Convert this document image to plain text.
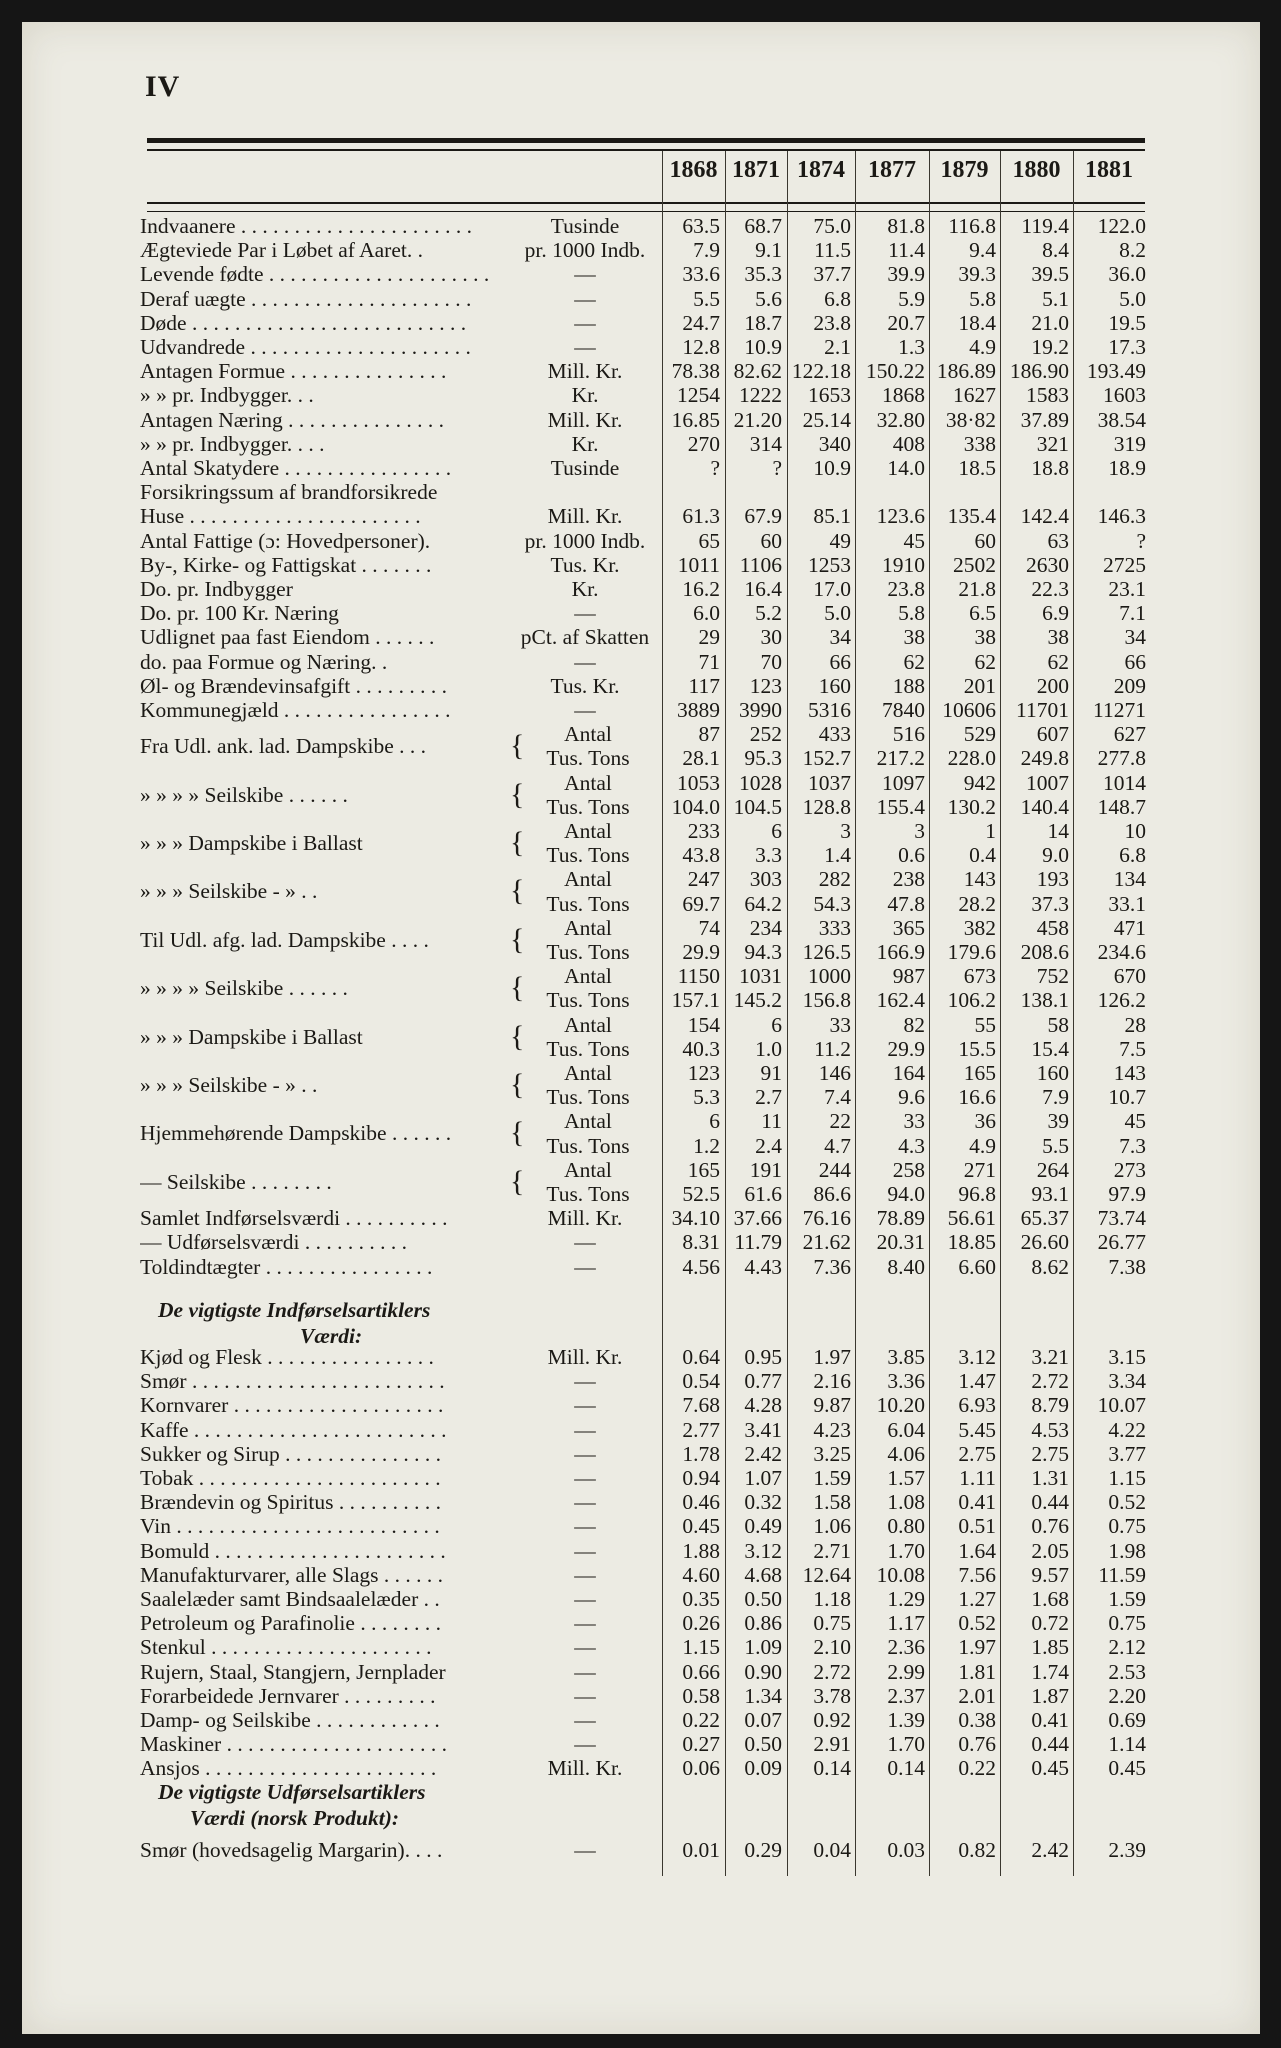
IV
1868 1871 1874 1877	1879	1880	1881
De vigtigste Indførselsartiklers
Værdi:
De vigtigste Udførselsartiklers
Værdi (norsk Produkt):
Indvaanere . . . . . . . . . . . . . . . . . . . . . .	Tusinde	63.5 68.7 75.0 81.8 116.8 119.4 122.0
Ægteviede Par i Løbet af Aaret. .	pr. 1000 Indb.	7.9 9.1 11.5 11.4 9.4 8.4 8.2
Levende fødte . . . . . . . . . . . . . . . . . . . . .	—	33.6 35.3 37.7 39.9 39.3 39.5 36.0
Deraf uægte . . . . . . . . . . . . . . . . . . . . .	—	5.5 5.6 6.8 5.9 5.8 5.1 5.0
Døde . . . . . . . . . . . . . . . . . . . . . . . . . .	—	24.7 18.7 23.8 20.7 18.4 21.0 19.5
Udvandrede . . . . . . . . . . . . . . . . . . . . .	—	12.8 10.9 2.1 1.3 4.9 19.2 17.3
Antagen Formue . . . . . . . . . . . . . . .	Mill. Kr.	78.38 82.62 122.18 150.22 186.89 186.90 193.49
» » pr. Indbygger. . .	Kr.	1254 1222 1653 1868 1627 1583 1603
Antagen Næring . . . . . . . . . . . . . . .	Mill. Kr.	16.85 21.20 25.14 32.80 38·82 37.89 38.54
» » pr. Indbygger. . . .	Kr.	270 314 340 408 338 321 319
Antal Skatydere . . . . . . . . . . . . . . . .	Tusinde	? ? 10.9 14.0 18.5 18.8 18.9
Forsikringssum af brandforsikrede
Huse . . . . . . . . . . . . . . . . . . . . . .	Mill. Kr.	61.3 67.9 85.1 123.6 135.4 142.4 146.3
Antal Fattige (ɔ: Hovedpersoner).	pr. 1000 Indb.	65 60 49 45 60 63	?
By-, Kirke- og Fattigskat . . . . . . .	Tus. Kr.	1011 1106 1253 1910 2502 2630 2725
Do. pr. Indbygger	Kr.	16.2 16.4 17.0 23.8 21.8 22.3 23.1
Do. pr. 100 Kr. Næring	—	6.0 5.2 5.0 5.8 6.5 6.9 7.1
Udlignet paa fast Eiendom . . . . . .	pCt. af Skatten	29 30 34 38 38 38	34
do. paa Formue og Næring. .	—	71 70 66 62 62 62	66
Øl- og Brændevinsafgift . . . . . . . . .	Tus. Kr.	117 123 160 188 201 200 209
Kommunegjæld . . . . . . . . . . . . . . . .	—	3889 3990 5316 7840 10606 11701 11271
Fra Udl. ank. lad. Dampskibe . . .	Antal	87 252 433 516 529 607 627
{	Tus. Tons	28.1 95.3 152.7 217.2 228.0 249.8 277.8
» » » » Seilskibe . . . . . .	Antal	1053 1028 1037 1097 942 1007 1014
{	Tus. Tons	104.0 104.5 128.8 155.4 130.2 140.4 148.7
» » » Dampskibe i Ballast	Antal	233 6	3	3	1 14	10
{	Tus. Tons	43.8 3.3 1.4 0.6 0.4 9.0 6.8
» » » Seilskibe - » . .	Antal	247 303 282 238 143 193 134
{	Tus. Tons	69.7 64.2 54.3 47.8 28.2 37.3 33.1
Til Udl. afg. lad. Dampskibe . . . .	Antal	74 234 333 365 382 458 471
{	Tus. Tons	29.9 94.3 126.5 166.9 179.6 208.6 234.6
» » » » Seilskibe . . . . . .	Antal	1150 1031 1000 987 673 752 670
{	Tus. Tons	157.1 145.2 156.8 162.4 106.2 138.1 126.2
» » » Dampskibe i Ballast	Antal	154 6 33 82 55 58	28
{	Tus. Tons	40.3 1.0 11.2 29.9 15.5 15.4 7.5
» » » Seilskibe - » . .	Antal	123 91 146 164 165 160 143
{	Tus. Tons	5.3 2.7 7.4 9.6 16.6 7.9 10.7
Hjemmehørende Dampskibe . . . . . .	Antal	6 11 22 33 36 39	45
{	Tus. Tons	1.2 2.4 4.7 4.3 4.9 5.5 7.3
— Seilskibe . . . . . . . .	Antal	165 191 244 258 271 264 273
{	Tus. Tons	52.5 61.6 86.6 94.0 96.8 93.1 97.9
Samlet Indførselsværdi . . . . . . . . . .	Mill. Kr.	34.10 37.66 76.16 78.89 56.61 65.37 73.74
— Udførselsværdi . . . . . . . . . .	—	8.31 11.79 21.62 20.31 18.85 26.60 26.77
Toldindtægter . . . . . . . . . . . . . . . .	—	4.56 4.43 7.36 8.40 6.60 8.62 7.38
Kjød og Flesk . . . . . . . . . . . . . . . .	Mill. Kr.	0.64 0.95 1.97 3.85 3.12 3.21 3.15
Smør . . . . . . . . . . . . . . . . . . . . . . . .	—	0.54 0.77 2.16 3.36 1.47 2.72 3.34
Kornvarer . . . . . . . . . . . . . . . . . . . .	—	7.68 4.28 9.87 10.20 6.93 8.79 10.07
Kaffe . . . . . . . . . . . . . . . . . . . . . . . .	—	2.77 3.41 4.23 6.04 5.45 4.53 4.22
Sukker og Sirup . . . . . . . . . . . . . . .	—	1.78 2.42 3.25 4.06 2.75 2.75 3.77
Tobak . . . . . . . . . . . . . . . . . . . . . . .	—	0.94 1.07 1.59 1.57 1.11 1.31 1.15
Brændevin og Spiritus . . . . . . . . . .	—	0.46 0.32 1.58 1.08 0.41 0.44 0.52
Vin . . . . . . . . . . . . . . . . . . . . . . . . .	—	0.45 0.49 1.06 0.80 0.51 0.76 0.75
Bomuld . . . . . . . . . . . . . . . . . . . . . .	—	1.88 3.12 2.71 1.70 1.64 2.05 1.98
Manufakturvarer, alle Slags . . . . . .	—	4.60 4.68 12.64 10.08 7.56 9.57 11.59
Saalelæder samt Bindsaalelæder . .	—	0.35 0.50 1.18 1.29 1.27 1.68 1.59
Petroleum og Parafinolie . . . . . . . .	—	0.26 0.86 0.75 1.17 0.52 0.72 0.75
Stenkul . . . . . . . . . . . . . . . . . . . . .	—	1.15 1.09 2.10 2.36 1.97 1.85 2.12
Rujern, Staal, Stangjern, Jernplader	—	0.66 0.90 2.72 2.99 1.81 1.74 2.53
Forarbeidede Jernvarer . . . . . . . . .	—	0.58 1.34 3.78 2.37 2.01 1.87 2.20
Damp- og Seilskibe . . . . . . . . . . . .	—	0.22 0.07 0.92 1.39 0.38 0.41 0.69
Maskiner . . . . . . . . . . . . . . . . . . . . .	—	0.27 0.50 2.91 1.70 0.76 0.44 1.14
Ansjos . . . . . . . . . . . . . . . . . . . . . .	Mill. Kr.	0.06 0.09 0.14 0.14 0.22 0.45 0.45
Smør (hovedsagelig Margarin). . . .	—	0.01 0.29 0.04 0.03 0.82 2.42 2.39
